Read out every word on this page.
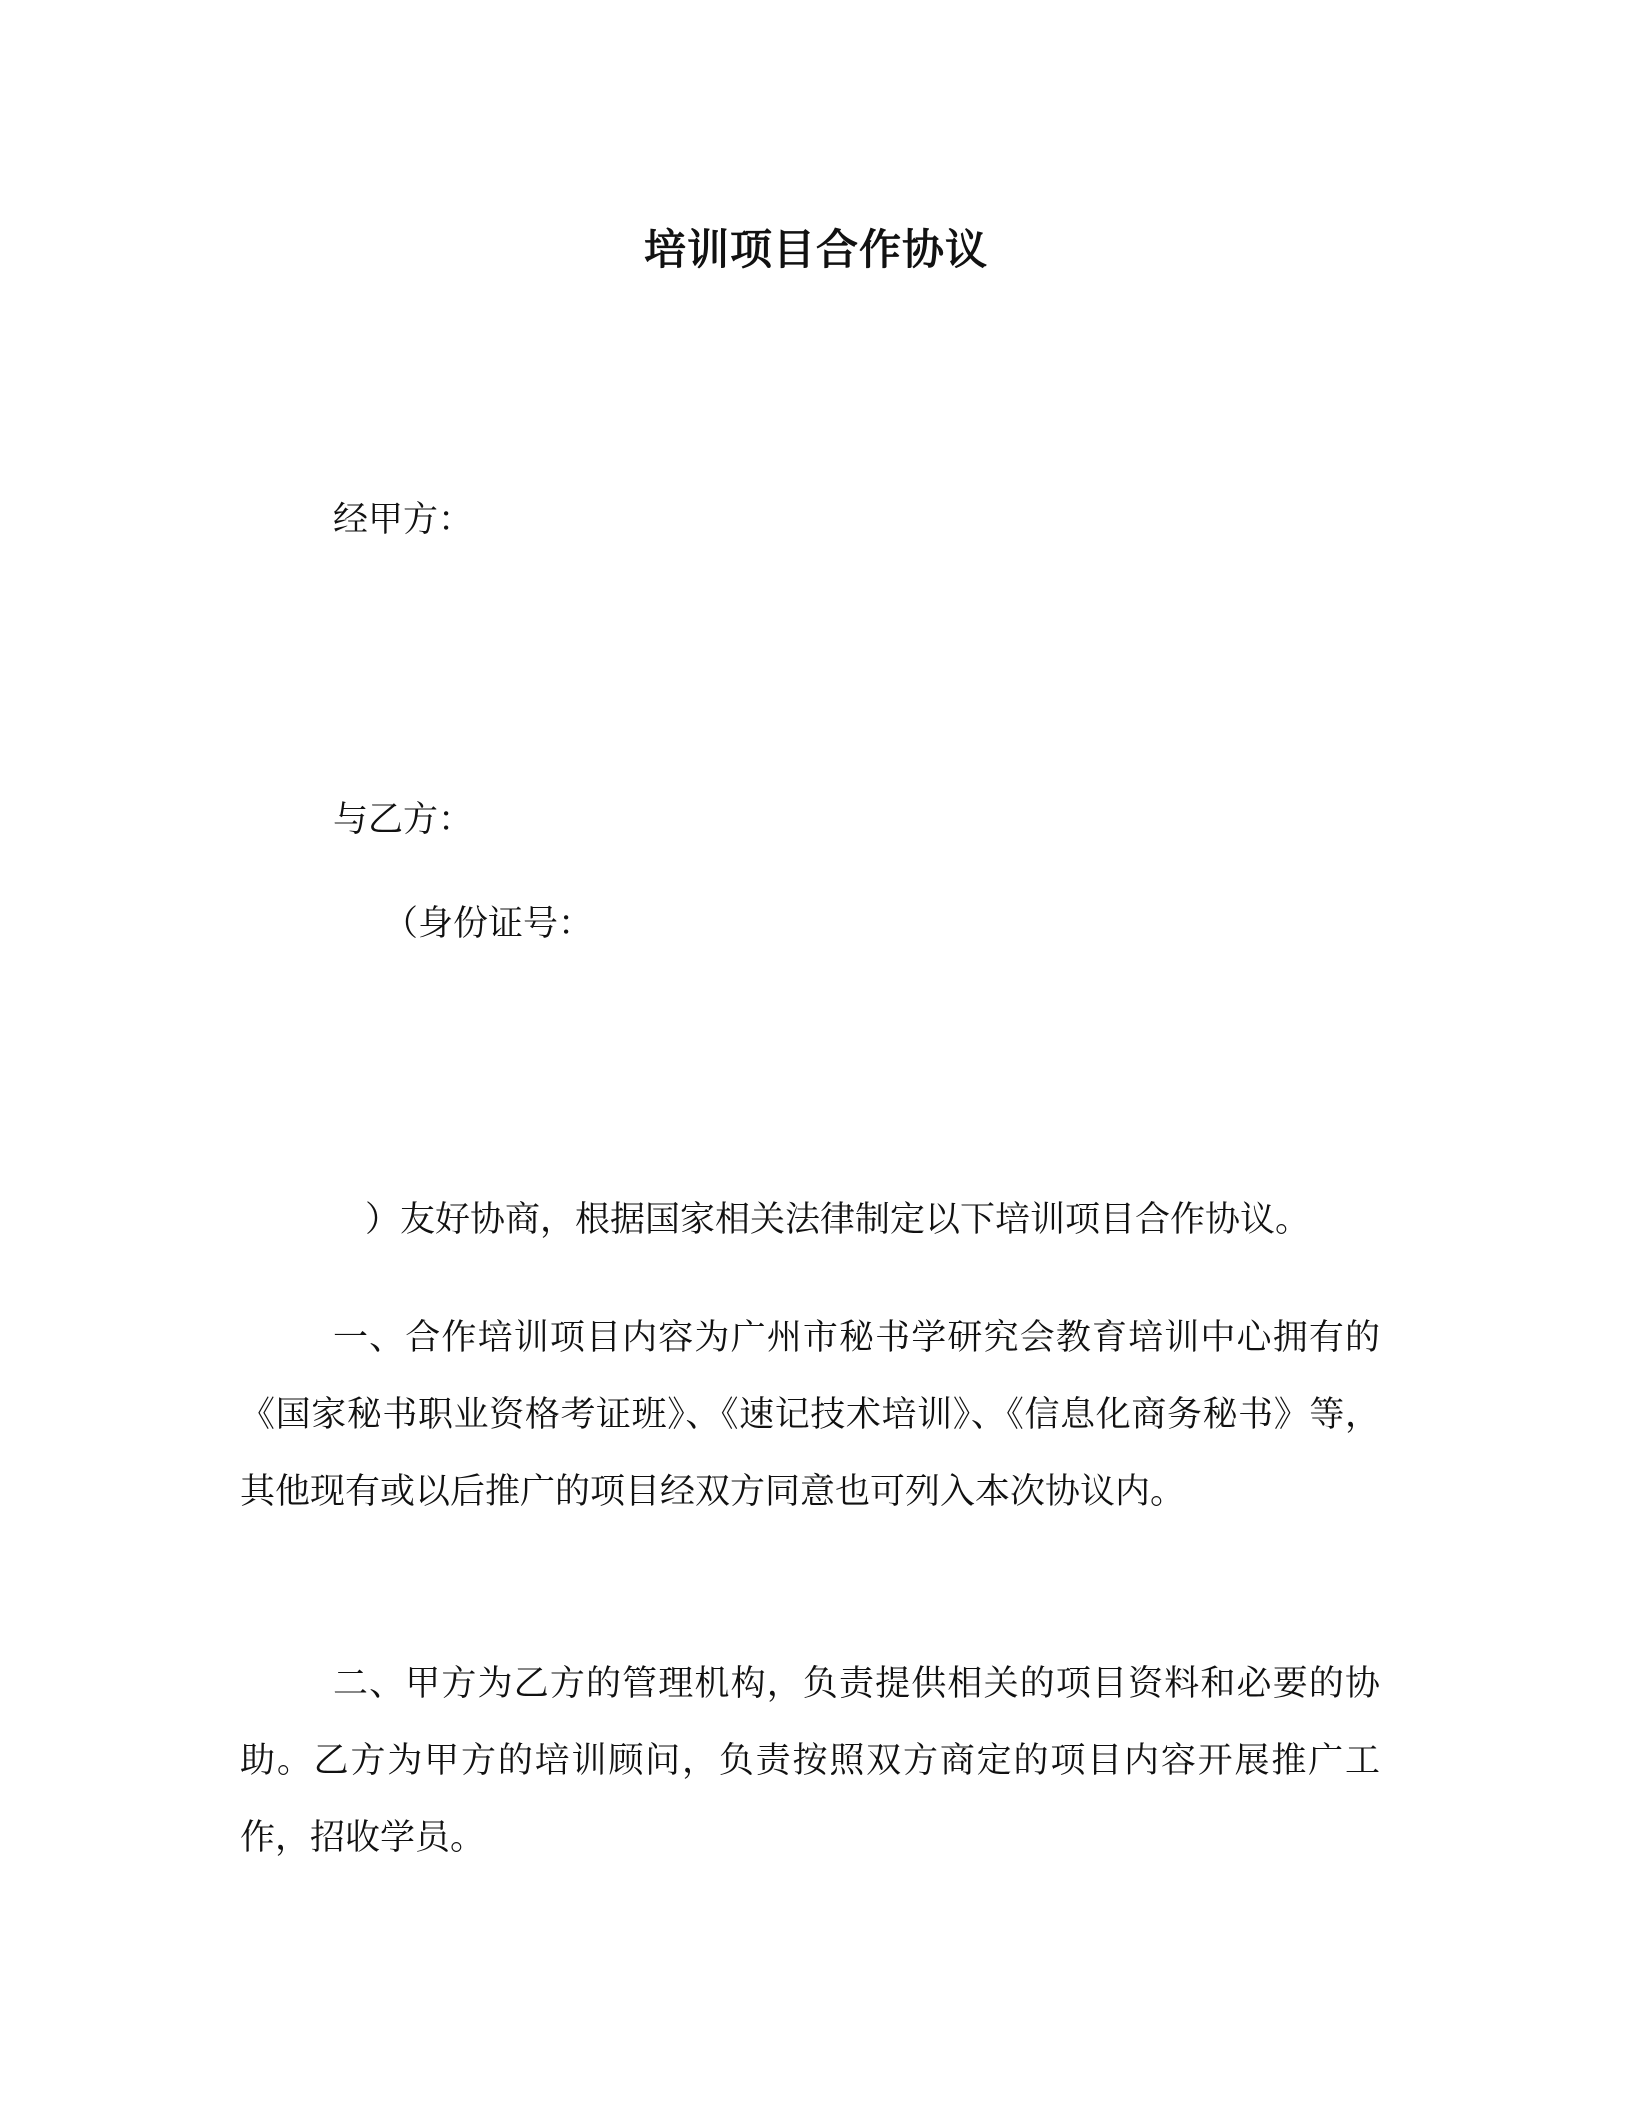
培训项目合作协议
经甲方：
与乙方：
（身份证号：
）友好协商，根据国家相关法律制定以下培训项目合作协议。
一、合作培训项目内容为广州市秘书学研究会教育培训中心拥有的《国家秘书职业资格考证班》、《速记技术培训》、《信息化商务秘书》等，其他现有或以后推广的项目经双方同意也可列入本次协议内。
二、甲方为乙方的管理机构，负责提供相关的项目资料和必要的协助。乙方为甲方的培训顾问，负责按照双方商定的项目内容开展推广工作，招收学员。
